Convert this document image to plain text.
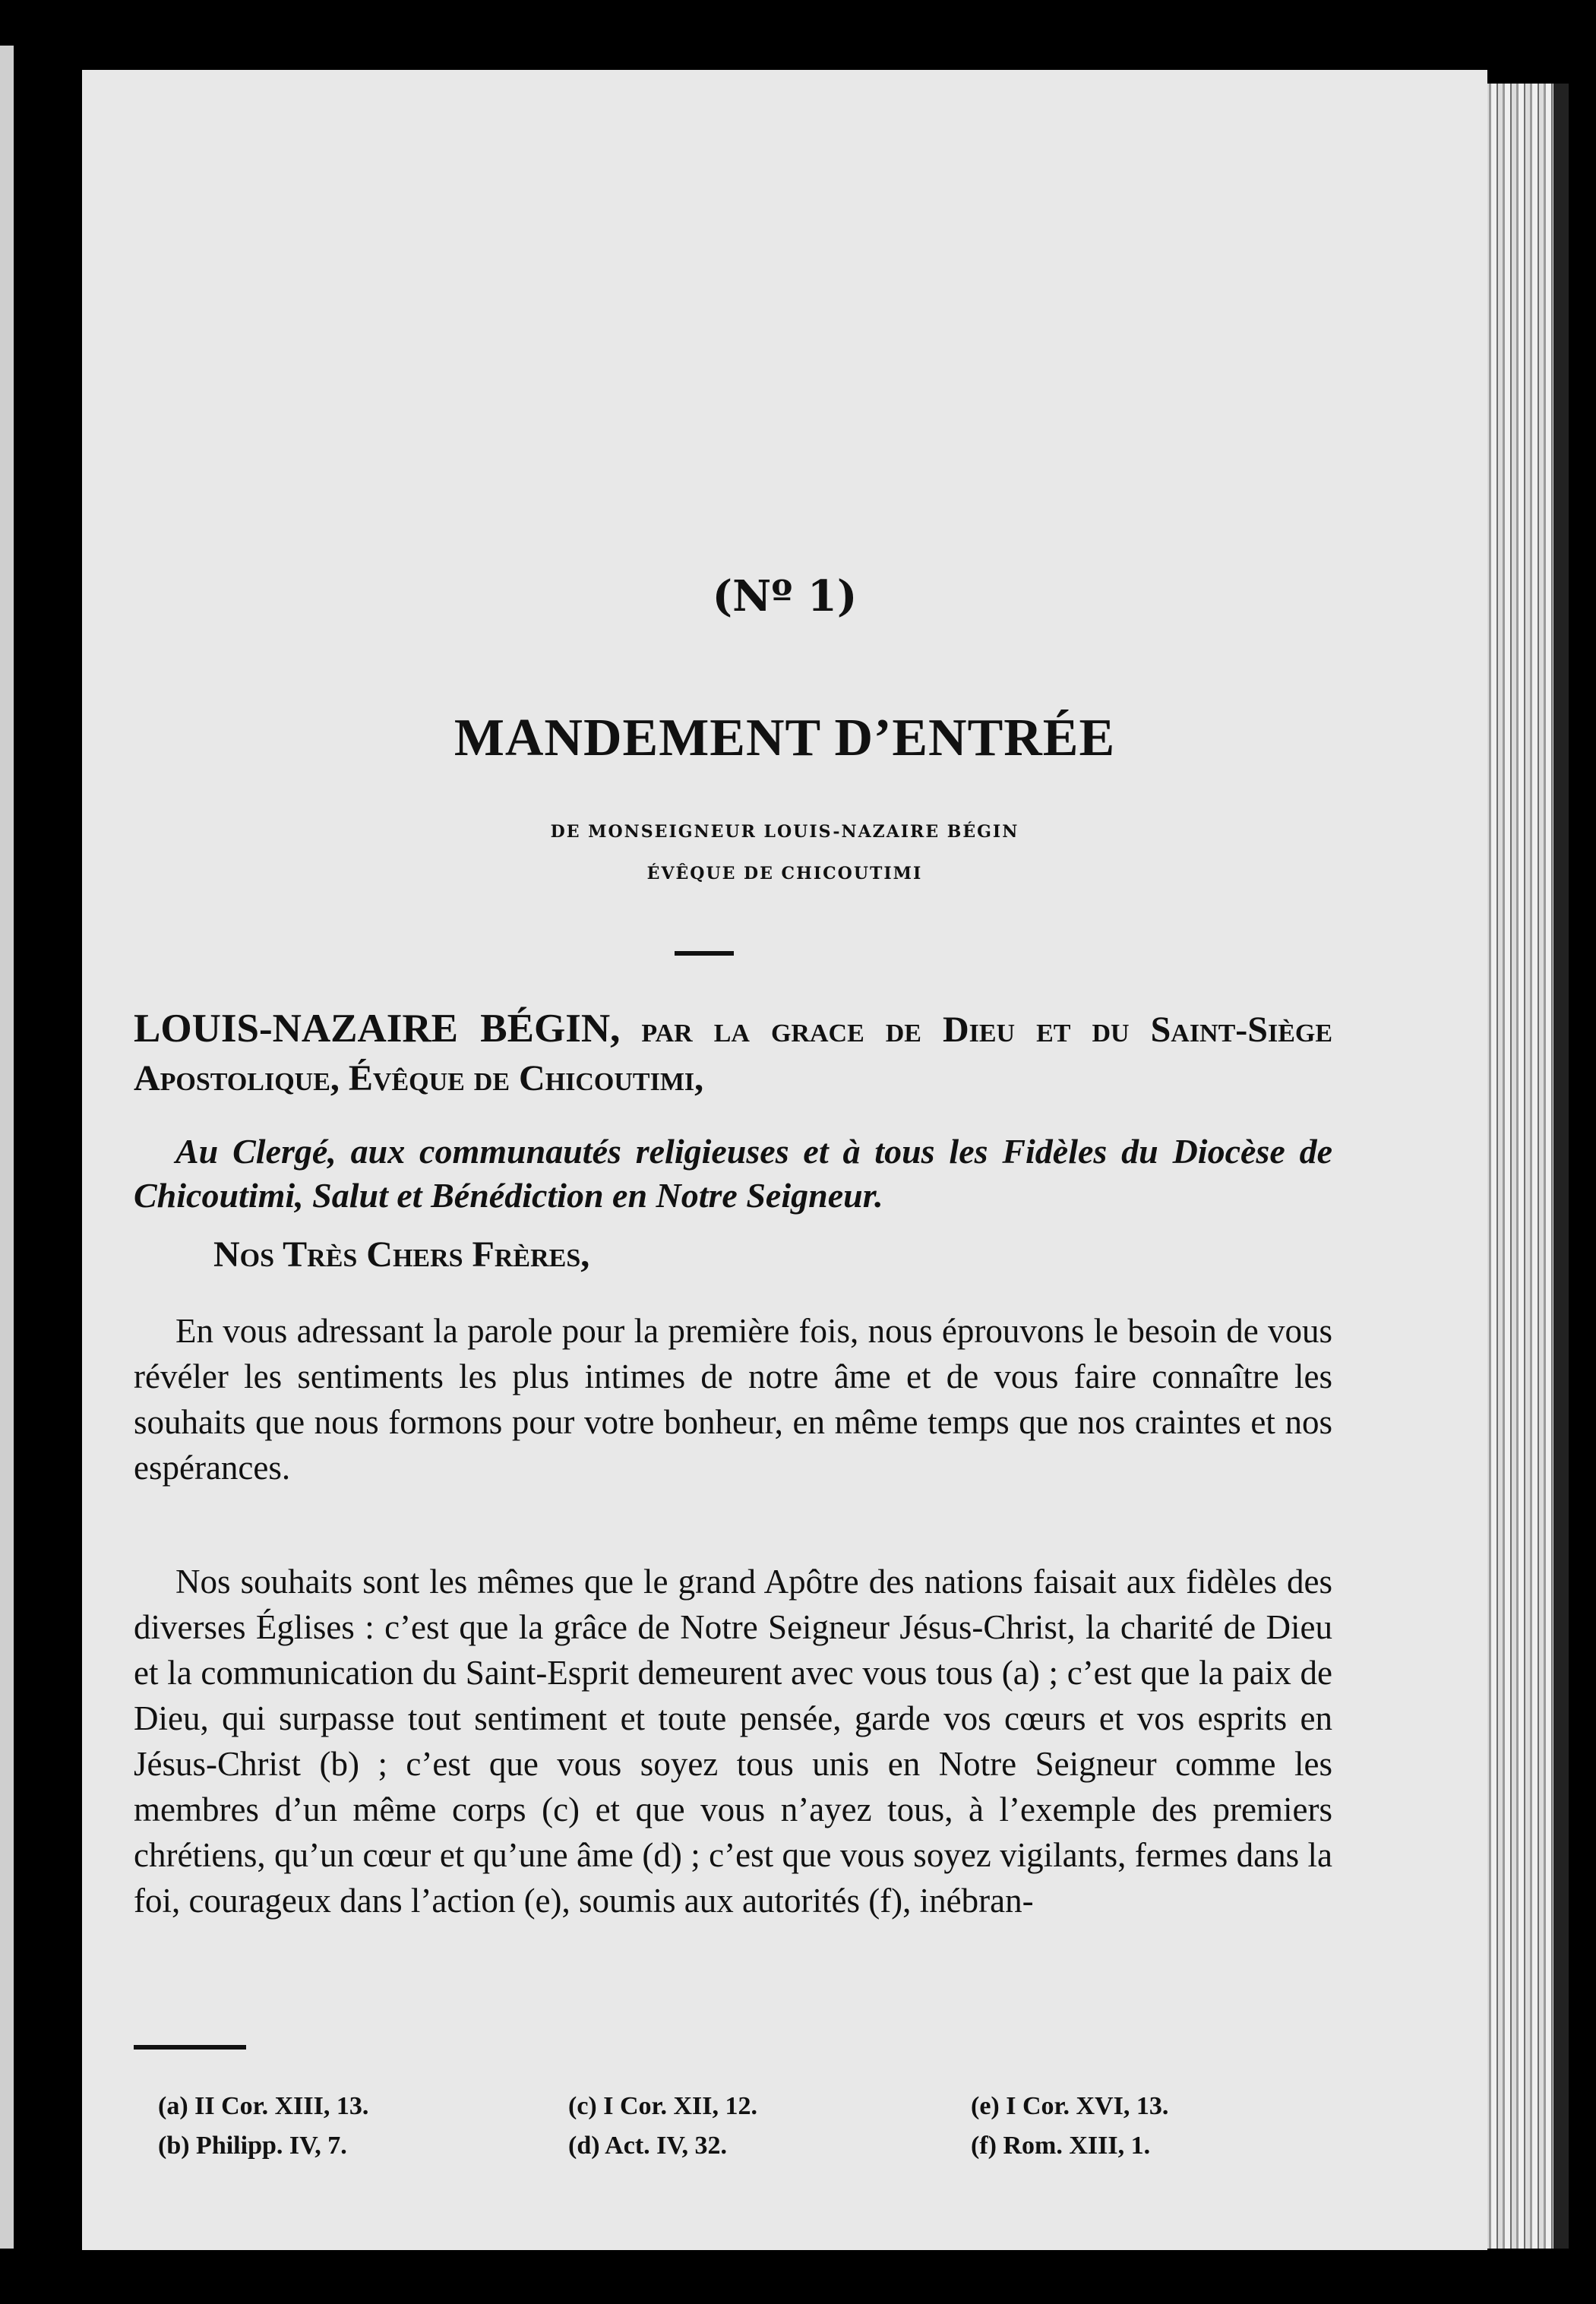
(Nº 1)
MANDEMENT D’ENTRÉE
DE MONSEIGNEUR LOUIS-NAZAIRE BÉGIN
ÉVÊQUE DE CHICOUTIMI
LOUIS-NAZAIRE BÉGIN, par la grace de Dieu et du Saint-Siège Apostolique, Évêque de Chicoutimi,
Au Clergé, aux communautés religieuses et à tous les Fidèles du Diocèse de Chicoutimi, Salut et Bénédiction en Notre Seigneur.
Nos Très Chers Frères,
En vous adressant la parole pour la première fois, nous éprouvons le besoin de vous révéler les sentiments les plus intimes de notre âme et de vous faire connaître les souhaits que nous formons pour votre bonheur, en même temps que nos craintes et nos espérances.
Nos souhaits sont les mêmes que le grand Apôtre des nations faisait aux fidèles des diverses Églises : c’est que la grâce de Notre Seigneur Jésus-Christ, la charité de Dieu et la communication du Saint-Esprit demeurent avec vous tous (a) ; c’est que la paix de Dieu, qui surpasse tout sentiment et toute pensée, garde vos cœurs et vos esprits en Jésus-Christ (b) ; c’est que vous soyez tous unis en Notre Seigneur comme les membres d’un même corps (c) et que vous n’ayez tous, à l’exemple des premiers chrétiens, qu’un cœur et qu’une âme (d) ; c’est que vous soyez vigilants, fermes dans la foi, courageux dans l’action (e), soumis aux autorités (f), inébran-
(a) II Cor. XIII, 13.
(b) Philipp. IV, 7.
(c) I Cor. XII, 12.
(d) Act. IV, 32.
(e) I Cor. XVI, 13.
(f) Rom. XIII, 1.
